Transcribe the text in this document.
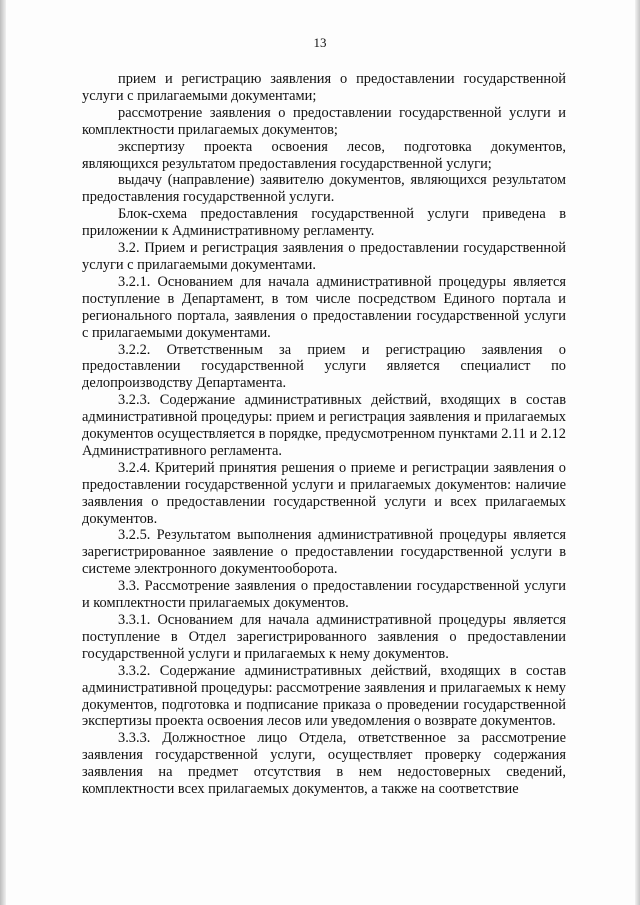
13

прием и регистрацию заявления о предоставлении государственной услуги с прилагаемыми документами;

рассмотрение заявления о предоставлении государственной услуги и комплектности прилагаемых документов;

экспертизу проекта освоения лесов, подготовка документов, являющихся результатом предоставления государственной услуги;

выдачу (направление) заявителю документов, являющихся результатом предоставления государственной услуги.

Блок-схема предоставления государственной услуги приведена в приложении к Административному регламенту.

3.2. Прием и регистрация заявления о предоставлении государственной услуги с прилагаемыми документами.

3.2.1. Основанием для начала административной процедуры является поступление в Департамент, в том числе посредством Единого портала и регионального портала, заявления о предоставлении государственной услуги с прилагаемыми документами.

3.2.2. Ответственным за прием и регистрацию заявления о предоставлении государственной услуги является специалист по делопроизводству Департамента.

3.2.3. Содержание административных действий, входящих в состав административной процедуры: прием и регистрация заявления и прилагаемых документов осуществляется в порядке, предусмотренном пунктами 2.11 и 2.12 Административного регламента.

3.2.4. Критерий принятия решения о приеме и регистрации заявления о предоставлении государственной услуги и прилагаемых документов: наличие заявления о предоставлении государственной услуги и всех прилагаемых документов.

3.2.5. Результатом выполнения административной процедуры является зарегистрированное заявление о предоставлении государственной услуги в системе электронного документооборота.

3.3. Рассмотрение заявления о предоставлении государственной услуги и комплектности прилагаемых документов.

3.3.1. Основанием для начала административной процедуры является поступление в Отдел зарегистрированного заявления о предоставлении государственной услуги и прилагаемых к нему документов.

3.3.2. Содержание административных действий, входящих в состав административной процедуры: рассмотрение заявления и прилагаемых к нему документов, подготовка и подписание приказа о проведении государственной экспертизы проекта освоения лесов или уведомления о возврате документов.

3.3.3. Должностное лицо Отдела, ответственное за рассмотрение заявления государственной услуги, осуществляет проверку содержания заявления на предмет отсутствия в нем недостоверных сведений, комплектности всех прилагаемых документов, а также на соответствие
